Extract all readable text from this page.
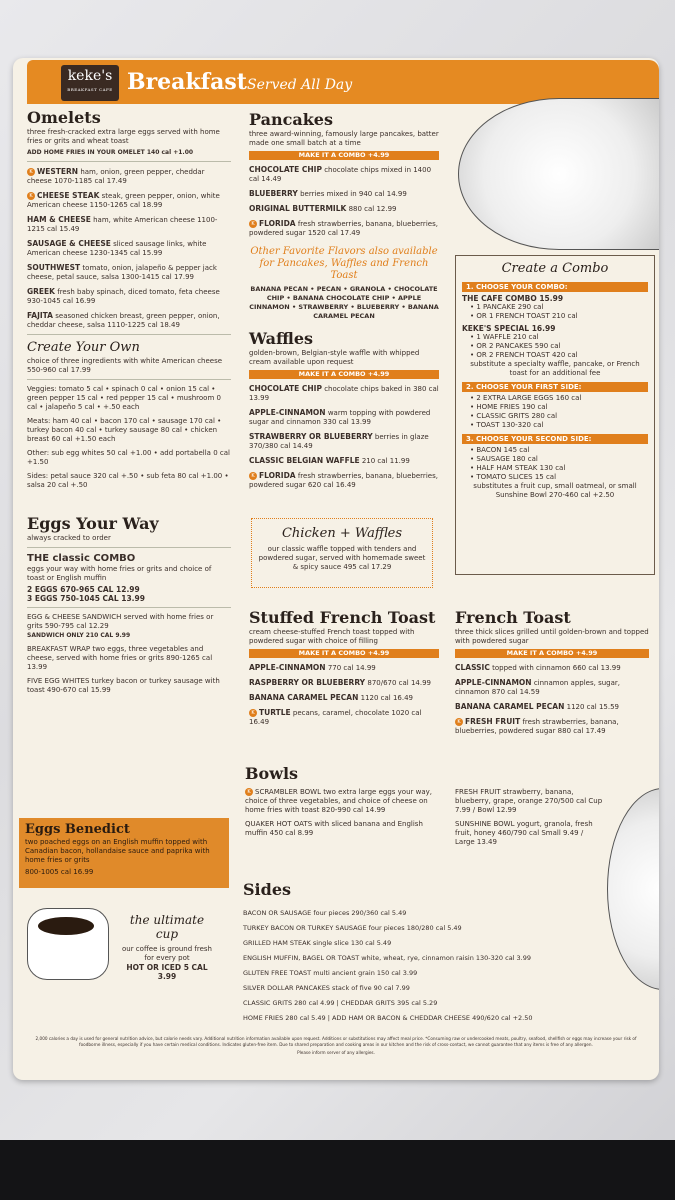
keke's
BREAKFAST CAFE Breakfast Served All Day
Omelets
three fresh-cracked extra large eggs served with home fries or grits and wheat toast
ADD HOME FRIES IN YOUR OMELET 140 cal +1.00
K WESTERN ham, onion, green pepper, cheddar cheese 1070-1185 cal 17.49
K CHEESE STEAK steak, green pepper, onion, white American cheese 1150-1265 cal 18.99
HAM & CHEESE ham, white American cheese 1100-1215 cal 15.49
SAUSAGE & CHEESE sliced sausage links, white American cheese 1230-1345 cal 15.99
SOUTHWEST tomato, onion, jalapeño & pepper jack cheese, petal sauce, salsa 1300-1415 cal 17.99
GREEK fresh baby spinach, diced tomato, feta cheese 930-1045 cal 16.99
FAJITA seasoned chicken breast, green pepper, onion, cheddar cheese, salsa 1110-1225 cal 18.49
Create Your Own
choice of three ingredients with white American cheese 550-960 cal 17.99
Veggies: tomato 5 cal • spinach 0 cal • onion 15 cal • green pepper 15 cal • red pepper 15 cal • mushroom 0 cal • jalapeño 5 cal • +.50 each
Meats: ham 40 cal • bacon 170 cal • sausage 170 cal • turkey bacon 40 cal • turkey sausage 80 cal • chicken breast 60 cal +1.50 each
Other: sub egg whites 50 cal +1.00 • add portabella 0 cal +1.50
Sides: petal sauce 320 cal +.50 • sub feta 80 cal +1.00 • salsa 20 cal +.50
Eggs Your Way
always cracked to order
THE classic COMBO
eggs your way with home fries or grits and choice of toast or English muffin
2 EGGS 670-965 CAL 12.99
3 EGGS 750-1045 CAL 13.99
EGG & CHEESE SANDWICH served with home fries or grits 590-795 cal 12.29
SANDWICH ONLY 210 CAL 9.99
BREAKFAST WRAP two eggs, three vegetables and cheese, served with home fries or grits 890-1265 cal 13.99
FIVE EGG WHITES turkey bacon or turkey sausage with toast 490-670 cal 15.99
Eggs Benedict
two poached eggs on an English muffin topped with Canadian bacon, hollandaise sauce and paprika with home fries or grits
800-1005 cal 16.99
the ultimate cup
our coffee is ground fresh for every pot
HOT OR ICED 5 CAL 3.99
Pancakes
three award-winning, famously large pancakes, batter made one small batch at a time
MAKE IT A COMBO +4.99
CHOCOLATE CHIP chocolate chips mixed in 1400 cal 14.49
BLUEBERRY berries mixed in 940 cal 14.99
ORIGINAL BUTTERMILK 880 cal 12.99
K FLORIDA fresh strawberries, banana, blueberries, powdered sugar 1520 cal 17.49
Other Favorite Flavors also available for Pancakes, Waffles and French Toast
BANANA PECAN • PECAN • GRANOLA • CHOCOLATE CHIP • BANANA CHOCOLATE CHIP • APPLE CINNAMON • STRAWBERRY • BLUEBERRY • BANANA CARAMEL PECAN
Waffles
golden-brown, Belgian-style waffle with whipped cream available upon request
MAKE IT A COMBO +4.99
CHOCOLATE CHIP chocolate chips baked in 380 cal 13.99
APPLE-CINNAMON warm topping with powdered sugar and cinnamon 330 cal 13.99
STRAWBERRY OR BLUEBERRY berries in glaze 370/380 cal 14.49
CLASSIC BELGIAN WAFFLE 210 cal 11.99
K FLORIDA fresh strawberries, banana, blueberries, powdered sugar 620 cal 16.49
Chicken + Waffles
our classic waffle topped with tenders and powdered sugar, served with homemade sweet & spicy sauce 495 cal 17.29
Create a Combo
1. CHOOSE YOUR COMBO:
THE CAFE COMBO 15.99
• 1 PANCAKE 290 cal
• OR 1 FRENCH TOAST 210 cal
KEKE'S SPECIAL 16.99
• 1 WAFFLE 210 cal
• OR 2 PANCAKES 590 cal
• OR 2 FRENCH TOAST 420 cal
substitute a specialty waffle, pancake, or French toast for an additional fee
2. CHOOSE YOUR FIRST SIDE:
• 2 EXTRA LARGE EGGS 160 cal
• HOME FRIES 190 cal
• CLASSIC GRITS 280 cal
• TOAST 130-320 cal
3. CHOOSE YOUR SECOND SIDE:
• BACON 145 cal
• SAUSAGE 180 cal
• HALF HAM STEAK 130 cal
• TOMATO SLICES 15 cal
substitutes a fruit cup, small oatmeal, or small Sunshine Bowl 270-460 cal +2.50
Stuffed French Toast
cream cheese-stuffed French toast topped with powdered sugar with choice of filling
MAKE IT A COMBO +4.99
APPLE-CINNAMON 770 cal 14.99
RASPBERRY OR BLUEBERRY 870/670 cal 14.99
BANANA CARAMEL PECAN 1120 cal 16.49
K TURTLE pecans, caramel, chocolate 1020 cal 16.49
French Toast
three thick slices grilled until golden-brown and topped with powdered sugar
MAKE IT A COMBO +4.99
CLASSIC topped with cinnamon 660 cal 13.99
APPLE-CINNAMON cinnamon apples, sugar, cinnamon 870 cal 14.59
BANANA CARAMEL PECAN 1120 cal 15.59
K FRESH FRUIT fresh strawberries, banana, blueberries, powdered sugar 880 cal 17.49
Bowls
K SCRAMBLER BOWL two extra large eggs your way, choice of three vegetables, and choice of cheese on home fries with toast 820-990 cal 14.99
QUAKER HOT OATS with sliced banana and English muffin 450 cal 8.99
FRESH FRUIT strawberry, banana, blueberry, grape, orange 270/500 cal Cup 7.99 / Bowl 12.99
SUNSHINE BOWL yogurt, granola, fresh fruit, honey 460/790 cal Small 9.49 / Large 13.49
Sides
BACON OR SAUSAGE four pieces 290/360 cal 5.49
TURKEY BACON OR TURKEY SAUSAGE four pieces 180/280 cal 5.49
GRILLED HAM STEAK single slice 130 cal 5.49
ENGLISH MUFFIN, BAGEL OR TOAST white, wheat, rye, cinnamon raisin 130-320 cal 3.99
GLUTEN FREE TOAST multi ancient grain 150 cal 3.99
SILVER DOLLAR PANCAKES stack of five 90 cal 7.99
CLASSIC GRITS 280 cal 4.99 | CHEDDAR GRITS 395 cal 5.29
HOME FRIES 280 cal 5.49 | ADD HAM OR BACON & CHEDDAR CHEESE 490/620 cal +2.50
2,000 calories a day is used for general nutrition advice, but calorie needs vary. Additional nutrition information available upon request. Additions or substitutions may affect meal price. *Consuming raw or undercooked meats, poultry, seafood, shellfish or eggs may increase your risk of foodborne illness, especially if you have certain medical conditions. Indicates gluten-free item. Due to shared preparation and cooking areas in our kitchen and the risk of cross-contact, we cannot guarantee that any items is free of any allergen.
Please inform server of any allergies.
